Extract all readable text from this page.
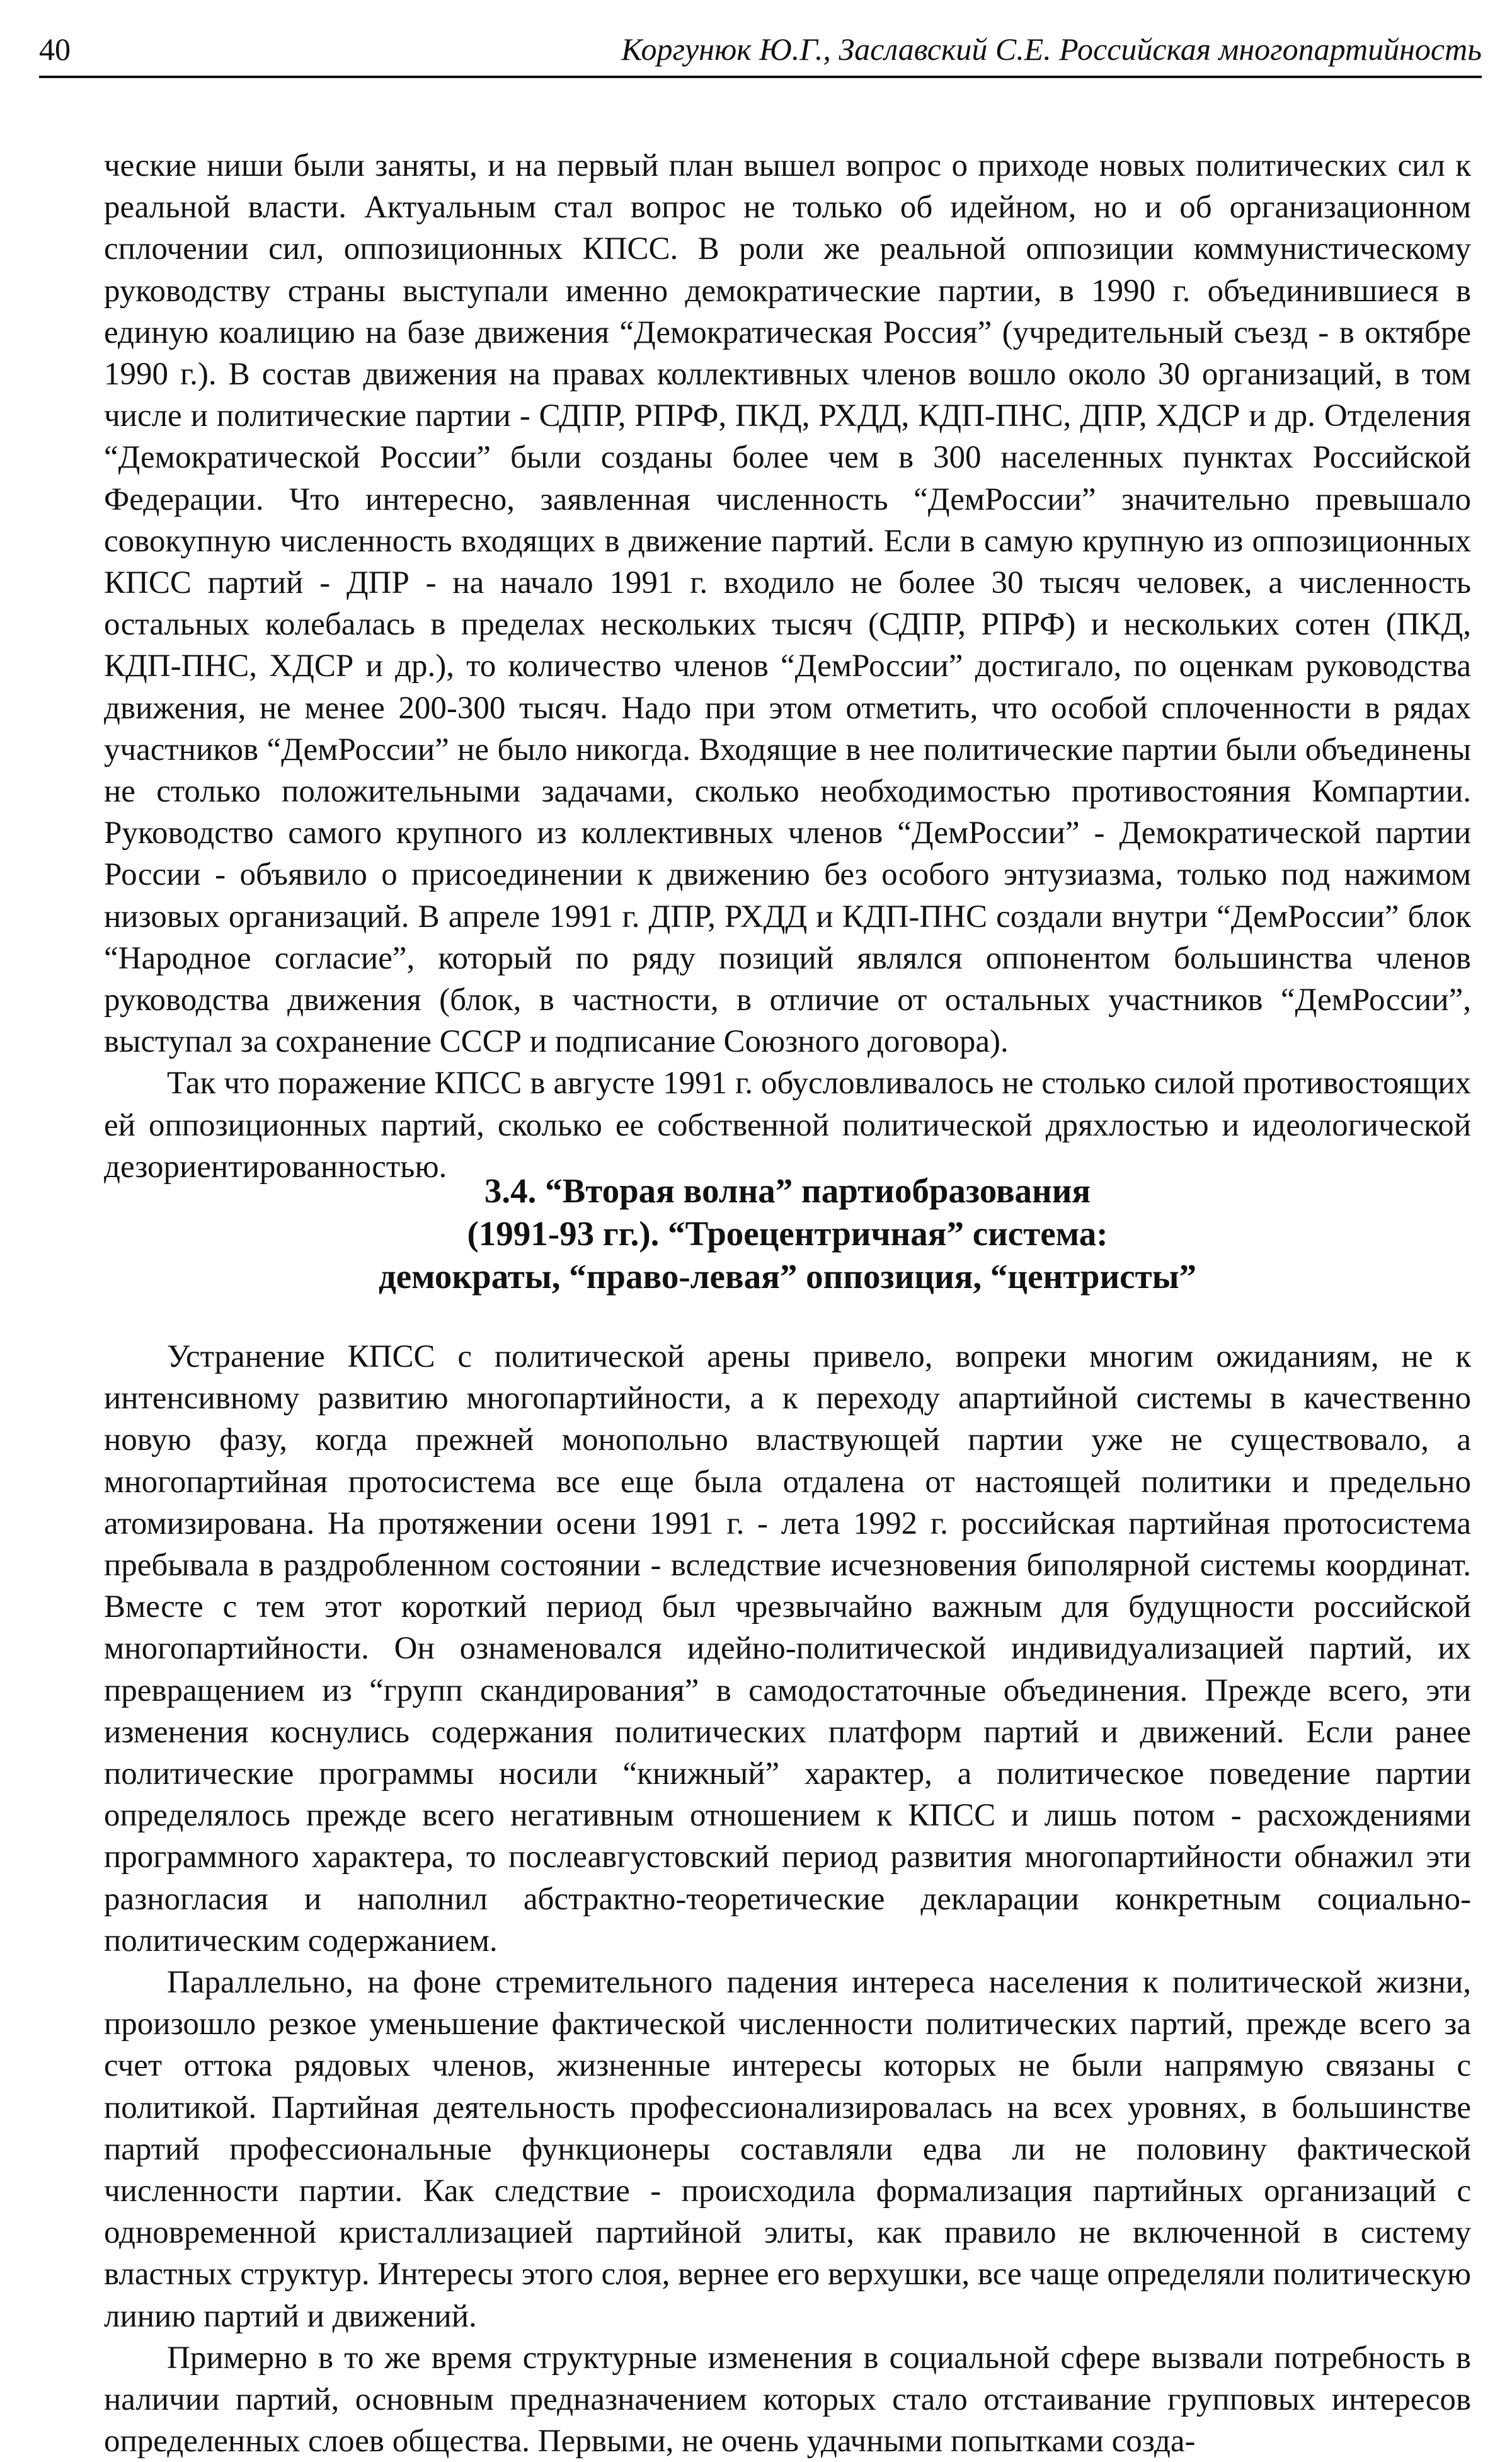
40	Коргунюк Ю.Г., Заславский С.Е. Российская многопартийность

ческие ниши были заняты, и на первый план вышел вопрос о приходе новых политических сил к реальной власти. Актуальным стал вопрос не только об идейном, но и об организационном сплочении сил, оппозиционных КПСС. В роли же реальной оппозиции коммунистическому руководству страны выступали именно демократические партии, в 1990 г. объединившиеся в единую коалицию на базе движения “Демократическая Россия” (учредительный съезд - в октябре 1990 г.). В состав движения на правах коллективных членов вошло около 30 организаций, в том числе и политические партии - СДПР, РПРФ, ПКД, РХДД, КДП-ПНС, ДПР, ХДСР и др. Отделения “Демократической России” были созданы более чем в 300 населенных пунктах Российской Федерации. Что интересно, заявленная численность “ДемРоссии” значительно превышало совокупную численность входящих в движение партий. Если в самую крупную из оппозиционных КПСС партий - ДПР - на начало 1991 г. входило не более 30 тысяч человек, а численность остальных колебалась в пределах нескольких тысяч (СДПР, РПРФ) и нескольких сотен (ПКД, КДП-ПНС, ХДСР и др.), то количество членов “ДемРоссии” достигало, по оценкам руководства движения, не менее 200-300 тысяч. Надо при этом отметить, что особой сплоченности в рядах участников “ДемРоссии” не было никогда. Входящие в нее политические партии были объединены не столько положительными задачами, сколько необходимостью противостояния Компартии. Руководство самого крупного из коллективных членов “ДемРоссии” - Демократической партии России - объявило о присоединении к движению без особого энтузиазма, только под нажимом низовых организаций. В апреле 1991 г. ДПР, РХДД и КДП-ПНС создали внутри “ДемРоссии” блок “Народное согласие”, который по ряду позиций являлся оппонентом большинства членов руководства движения (блок, в частности, в отличие от остальных участников “ДемРоссии”, выступал за сохранение СССР и подписание Союзного договора).

Так что поражение КПСС в августе 1991 г. обусловливалось не столько силой противостоящих ей оппозиционных партий, сколько ее собственной политической дряхлостью и идеологической дезориентированностью.

3.4. “Вторая волна” партиобразования
(1991-93 гг.). “Троецентричная” система:
демократы, “право-левая” оппозиция, “центристы”

Устранение КПСС с политической арены привело, вопреки многим ожиданиям, не к интенсивному развитию многопартийности, а к переходу апартийной системы в качественно новую фазу, когда прежней монопольно властвующей партии уже не существовало, а многопартийная протосистема все еще была отдалена от настоящей политики и предельно атомизирована. На протяжении осени 1991 г. - лета 1992 г. российская партийная протосистема пребывала в раздробленном состоянии - вследствие исчезновения биполярной системы координат. Вместе с тем этот короткий период был чрезвычайно важным для будущности российской многопартийности. Он ознаменовался идейно-политической индивидуализацией партий, их превращением из “групп скандирования” в самодостаточные объединения. Прежде всего, эти изменения коснулись содержания политических платформ партий и движений. Если ранее политические программы носили “книжный” характер, а политическое поведение партии определялось прежде всего негативным отношением к КПСС и лишь потом - расхождениями программного характера, то послеавгустовский период развития многопартийности обнажил эти разногласия и наполнил абстрактно-теоретические декларации конкретным социально-политическим содержанием.

Параллельно, на фоне стремительного падения интереса населения к политической жизни, произошло резкое уменьшение фактической численности политических партий, прежде всего за счет оттока рядовых членов, жизненные интересы которых не были напрямую связаны с политикой. Партийная деятельность профессионализировалась на всех уровнях, в большинстве партий профессиональные функционеры составляли едва ли не половину фактической численности партии. Как следствие - происходила формализация партийных организаций с одновременной кристаллизацией партийной элиты, как правило не включенной в систему властных структур. Интересы этого слоя, вернее его верхушки, все чаще определяли политическую линию партий и движений.

Примерно в то же время структурные изменения в социальной сфере вызвали потребность в наличии партий, основным предназначением которых стало отстаивание групповых интересов определенных слоев общества. Первыми, не очень удачными попытками созда-
